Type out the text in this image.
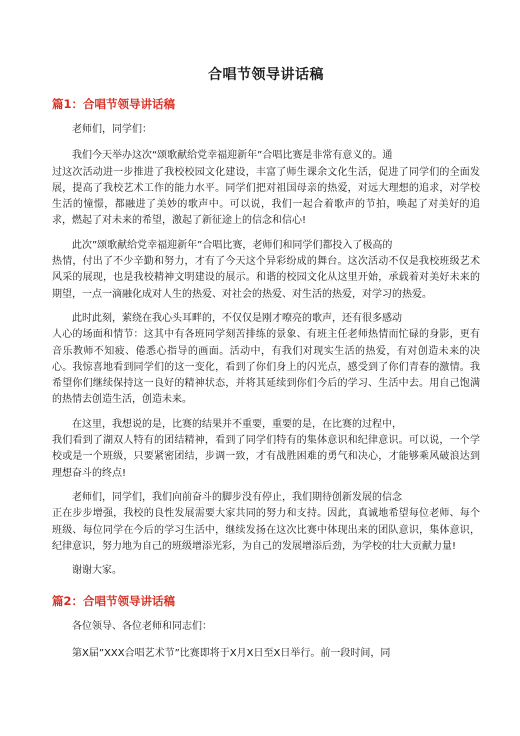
合唱节领导讲话稿
篇1：合唱节领导讲话稿

老师们，同学们：

我们今天举办这次“颂歌献给党幸福迎新年”合唱比赛是非常有意义的。通
过这次活动进一步推进了我校校园文化建设，丰富了师生课余文化生活，促进了同学们的全面发展，提高了我校艺术工作的能力水平。同学们把对祖国母亲的热爱，对远大理想的追求，对学校生活的憧憬，都融进了美妙的歌声中。可以说，我们一起合着歌声的节拍，唤起了对美好的追求，燃起了对未来的希望，激起了新征途上的信念和信心!

此次”颂歌献给党幸福迎新年”合唱比赛，老师们和同学们都投入了极高的
热情，付出了不少辛勤和努力，才有了今天这个异彩纷成的舞台。这次活动不仅是我校班级艺术风采的展现，也是我校精神文明建设的展示。和谐的校园文化从这里开始，承载着对美好未来的期望，一点一滴融化成对人生的热爱、对社会的热爱、对生活的热爱，对学习的热爱。

此时此刻，萦绕在我心头耳畔的，不仅仅是刚才嘹亮的歌声，还有很多感动
人心的场面和情节：这其中有各班同学刻苦排练的景象、有班主任老师热情而忙碌的身影，更有音乐教师不知疲、倦悉心指导的画面。活动中，有我们对现实生活的热爱，有对创造未来的决心。我惊喜地看到同学们的这一变化，看到了你们身上的闪光点，感受到了你们青春的激情。我希望你们继续保持这一良好的精神状态，并将其延续到你们今后的学习、生活中去。用自己饱满的热情去创造生活，创造未来。

在这里，我想说的是，比赛的结果并不重要，重要的是，在比赛的过程中，
我们看到了湖双人特有的团结精神，看到了同学们特有的集体意识和纪律意识。可以说，一个学校或是一个班级，只要紧密团结，步调一致，才有战胜困难的勇气和决心，才能够乘风破浪达到理想奋斗的终点!

老师们，同学们，我们向前奋斗的脚步没有停止，我们期待创新发展的信念
正在步步增强，我校的良性发展需要大家共同的努力和支持。因此，真诚地希望每位老师、每个班级、每位同学在今后的学习生活中，继续发扬在这次比赛中体现出来的团队意识，集体意识，纪律意识，努力地为自己的班级增添光彩，为自己的发展增添后劲，为学校的壮大贡献力量!

谢谢大家。

篇2：合唱节领导讲话稿

各位领导、各位老师和同志们：

第X届”XXX合唱艺术节”比赛即将于X月X日至X日举行。前一段时间，同
